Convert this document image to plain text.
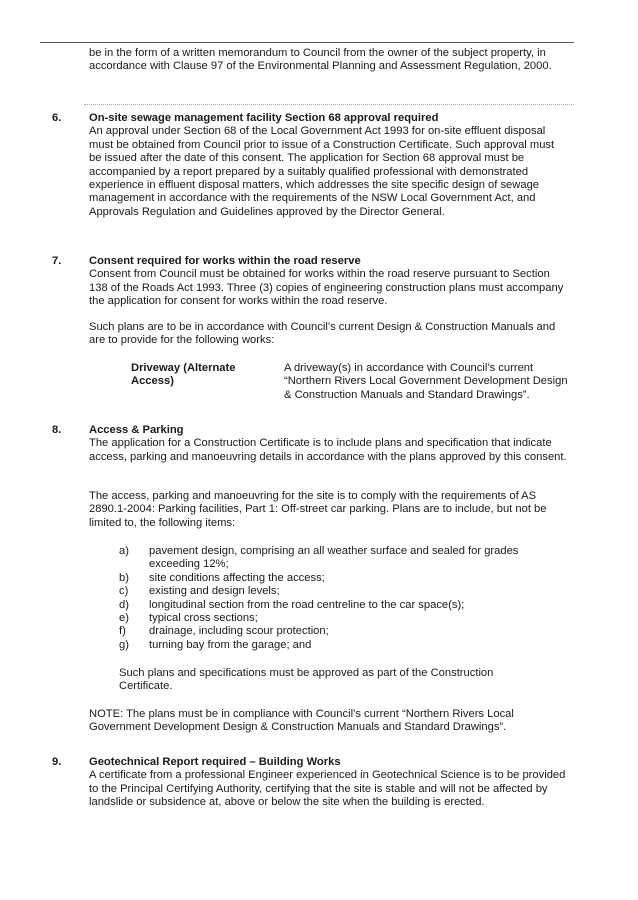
be in the form of a written memorandum to Council from the owner of the subject property, in accordance with Clause 97 of the Environmental Planning and Assessment Regulation, 2000.

6. On-site sewage management facility Section 68 approval required

An approval under Section 68 of the Local Government Act 1993 for on-site effluent disposal must be obtained from Council prior to issue of a Construction Certificate. Such approval must be issued after the date of this consent. The application for Section 68 approval must be accompanied by a report prepared by a suitably qualified professional with demonstrated experience in effluent disposal matters, which addresses the site specific design of sewage management in accordance with the requirements of the NSW Local Government Act, and Approvals Regulation and Guidelines approved by the Director General.

7. Consent required for works within the road reserve

Consent from Council must be obtained for works within the road reserve pursuant to Section 138 of the Roads Act 1993. Three (3) copies of engineering construction plans must accompany the application for consent for works within the road reserve.

Such plans are to be in accordance with Council’s current Design & Construction Manuals and are to provide for the following works:

Driveway (Alternate Access)
A driveway(s) in accordance with Council’s current “Northern Rivers Local Government Development Design & Construction Manuals and Standard Drawings”.
8. Access & Parking

The application for a Construction Certificate is to include plans and specification that indicate access, parking and manoeuvring details in accordance with the plans approved by this consent.

The access, parking and manoeuvring for the site is to comply with the requirements of AS 2890.1-2004: Parking facilities, Part 1: Off-street car parking. Plans are to include, but not be limited to, the following items:

a) pavement design, comprising an all weather surface and sealed for grades exceeding 12%;
b) site conditions affecting the access;
c) existing and design levels;
d) longitudinal section from the road centreline to the car space(s);
e) typical cross sections;
f) drainage, including scour protection;
g) turning bay from the garage; and

Such plans and specifications must be approved as part of the Construction Certificate.

NOTE: The plans must be in compliance with Council’s current “Northern Rivers Local Government Development Design & Construction Manuals and Standard Drawings”.

9. Geotechnical Report required – Building Works

A certificate from a professional Engineer experienced in Geotechnical Science is to be provided to the Principal Certifying Authority, certifying that the site is stable and will not be affected by landslide or subsidence at, above or below the site when the building is erected.
